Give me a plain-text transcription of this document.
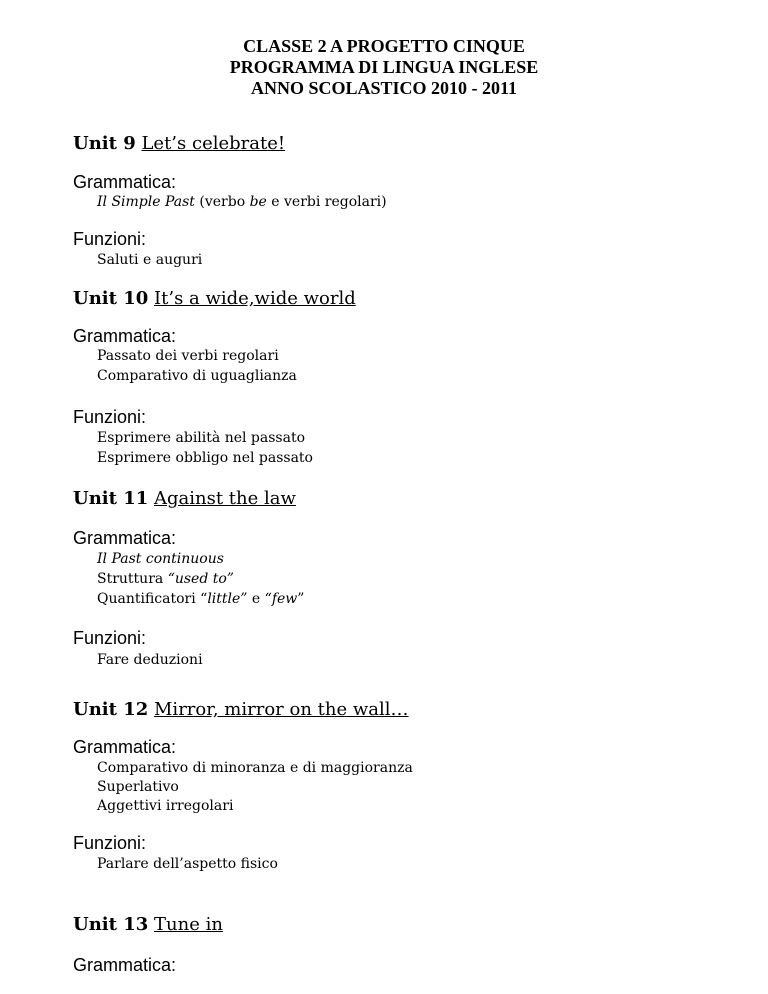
CLASSE 2 A PROGETTO CINQUE
PROGRAMMA DI LINGUA INGLESE
ANNO SCOLASTICO 2010 - 2011
Unit 9 Let’s celebrate!
Grammatica:
Il Simple Past (verbo be e verbi regolari)
Funzioni:
Saluti e auguri
Unit 10 It’s a wide,wide world
Grammatica:
Passato dei verbi regolari
Comparativo di uguaglianza
Funzioni:
Esprimere abilità nel passato
Esprimere obbligo nel passato
Unit 11 Against the law
Grammatica:
Il Past continuous
Struttura “used to”
Quantificatori “little” e “few”
Funzioni:
Fare deduzioni
Unit 12 Mirror, mirror on the wall…
Grammatica:
Comparativo di minoranza e di maggioranza
Superlativo
Aggettivi irregolari
Funzioni:
Parlare dell’aspetto fisico
Unit 13 Tune in
Grammatica:
